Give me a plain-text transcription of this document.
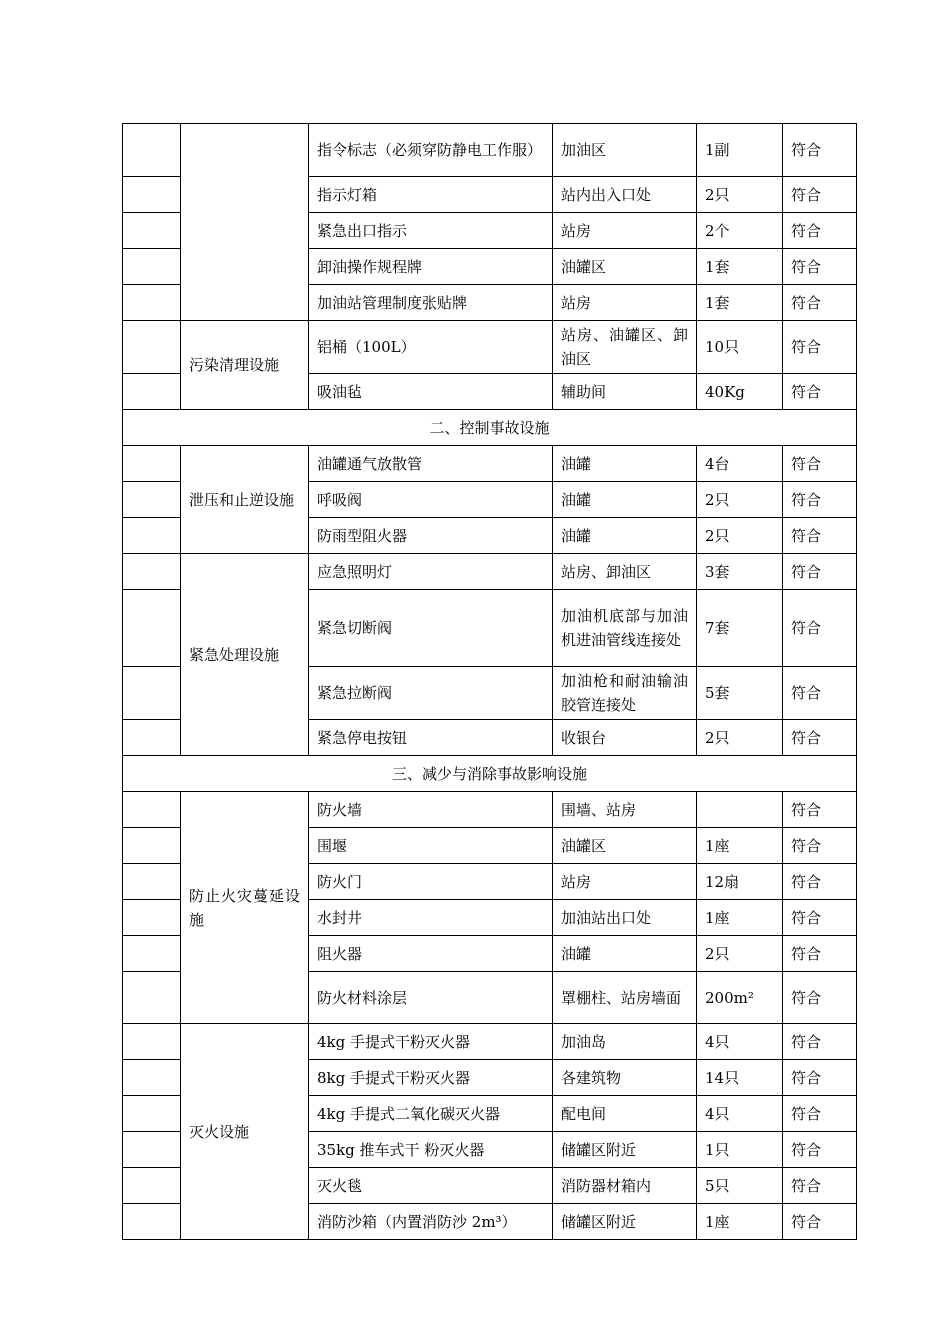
		指令标志（必须穿防静电工作服）	加油区	1副	符合
		指示灯箱	站内出入口处	2只	符合
		紧急出口指示	站房	2个	符合
		卸油操作规程牌	油罐区	1套	符合
		加油站管理制度张贴牌	站房	1套	符合
	污染清理设施	铝桶（100L）	站房、油罐区、卸油区	10只	符合
		吸油毡	辅助间	40Kg	符合
二、控制事故设施					
	泄压和止逆设施	油罐通气放散管	油罐	4台	符合
		呼吸阀	油罐	2只	符合
		防雨型阻火器	油罐	2只	符合
	紧急处理设施	应急照明灯	站房、卸油区	3套	符合
		紧急切断阀	加油机底部与加油机进油管线连接处	7套	符合
		紧急拉断阀	加油枪和耐油输油胶管连接处	5套	符合
		紧急停电按钮	收银台	2只	符合
三、减少与消除事故影响设施					
	防止火灾蔓延设施	防火墙	围墙、站房		符合
		围堰	油罐区	1座	符合
		防火门	站房	12扇	符合
		水封井	加油站出口处	1座	符合
		阻火器	油罐	2只	符合
		防火材料涂层	罩棚柱、站房墙面	200m²	符合
	灭火设施	4kg 手提式干粉灭火器	加油岛	4只	符合
		8kg 手提式干粉灭火器	各建筑物	14只	符合
		4kg 手提式二氧化碳灭火器	配电间	4只	符合
		35kg 推车式干 粉灭火器	储罐区附近	1只	符合
		灭火毯	消防器材箱内	5只	符合
		消防沙箱（内置消防沙 2m³）	储罐区附近	1座	符合
